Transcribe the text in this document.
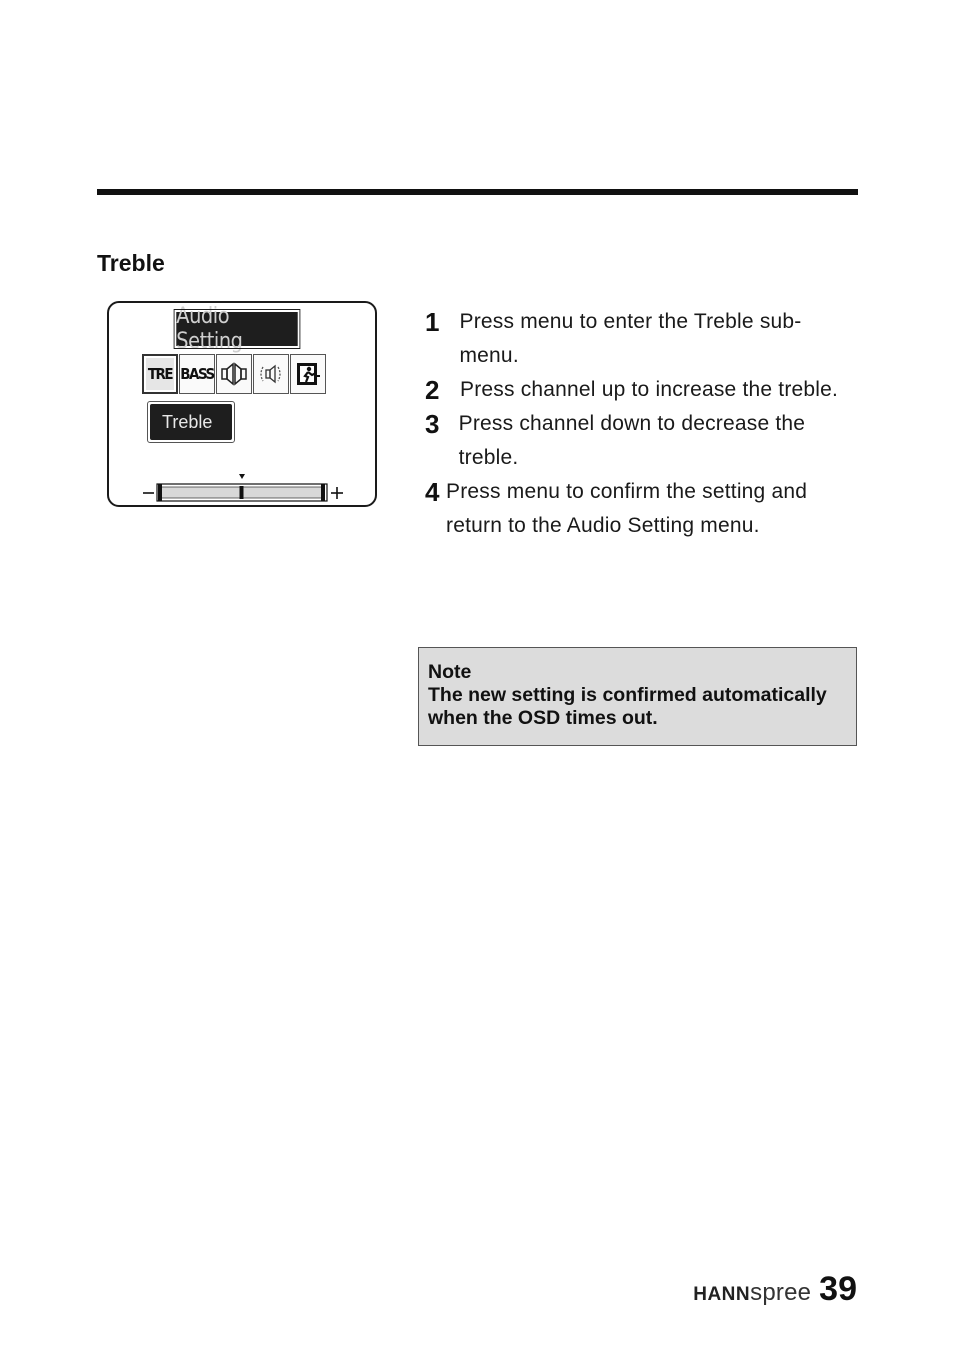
Treble
Audio Setting
TRE BASS
Treble
1 Press menu to enter the Treble sub-menu.
2 Press channel up to increase the treble.
3 Press channel down to decrease the treble.
4 Press menu to confirm the setting and return to the Audio Setting menu.
Note
The new setting is confirmed automatically when the OSD times out.
HANN spree 39
